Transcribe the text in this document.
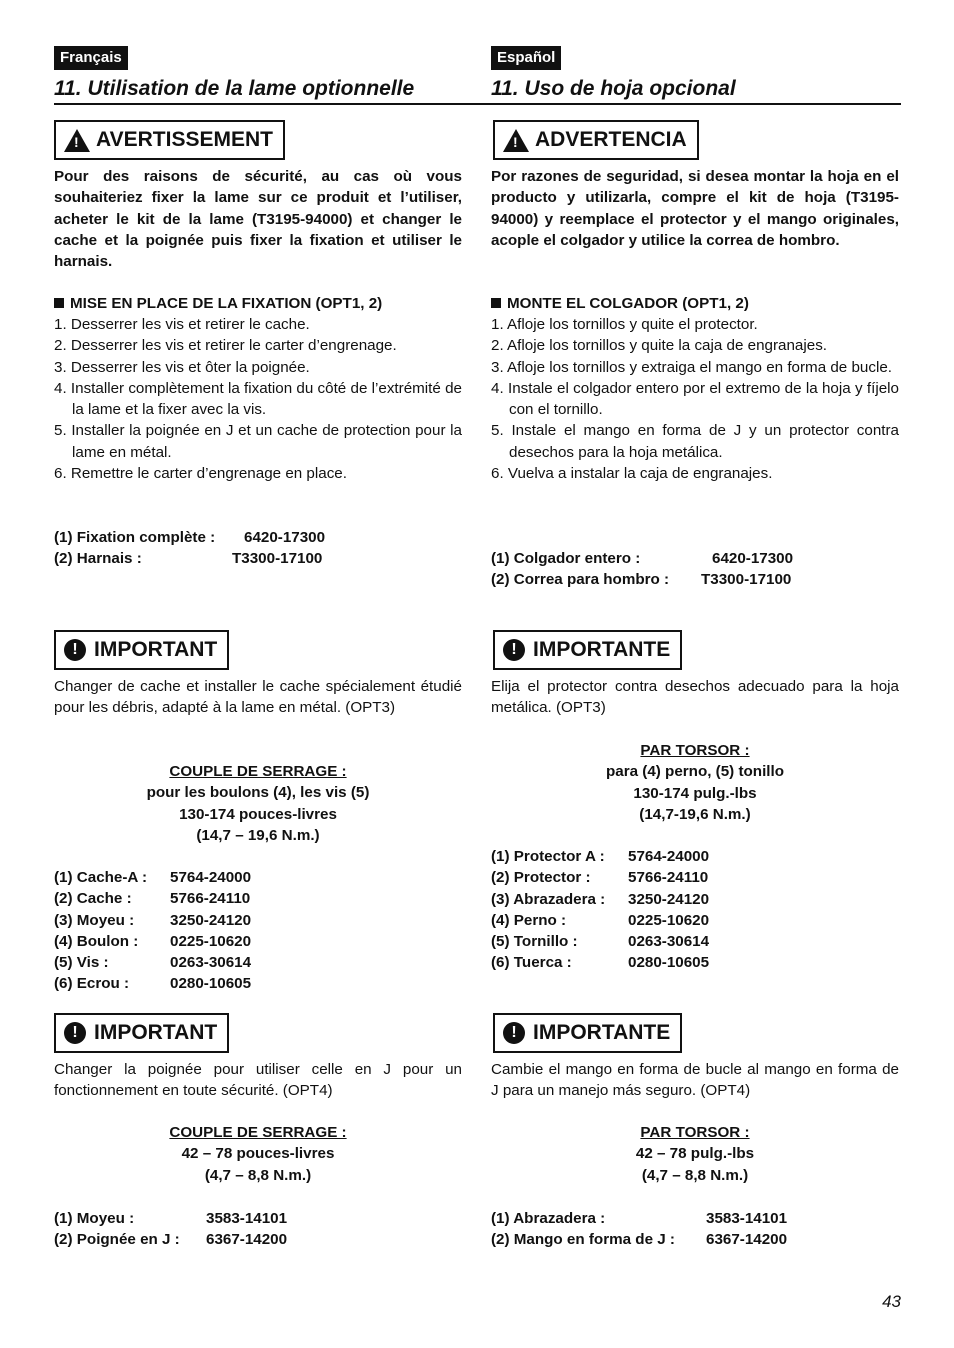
Français
11. Utilisation de la lame optionnelle
! AVERTISSEMENT
Pour des raisons de sécurité, au cas où vous souhaiteriez fixer la lame sur ce produit et l’utiliser, acheter le kit de la lame (T3195-94000) et changer le cache et la poignée puis fixer la fixation et utiliser le harnais.
MISE EN PLACE DE LA FIXATION (OPT1, 2)
1. Desserrer les vis et retirer le cache.
2. Desserrer les vis et retirer le carter d’engrenage.
3. Desserrer les vis et ôter la poignée.
4. Installer complètement la fixation du côté de l’extrémité de la lame et la fixer avec la vis.
5. Installer la poignée en J et un cache de protection pour la lame en métal.
6. Remettre le carter d’engrenage en place.
(1) Fixation complète :	6420-17300
(2) Harnais :	T3300-17100
! IMPORTANT
Changer de cache et installer le cache spécialement étudié pour les débris, adapté à la lame en métal. (OPT3)
COUPLE DE SERRAGE :
pour les boulons (4), les vis (5)
130-174 pouces-livres
(14,7 – 19,6 N.m.)
(1) Cache-A :	5764-24000
(2) Cache :	5766-24110
(3) Moyeu :	3250-24120
(4) Boulon :	0225-10620
(5) Vis :	0263-30614
(6) Ecrou :	0280-10605
! IMPORTANT
Changer la poignée pour utiliser celle en J pour un fonctionnement en toute sécurité. (OPT4)
COUPLE DE SERRAGE :
42 – 78 pouces-livres
(4,7 – 8,8 N.m.)
(1) Moyeu :	3583-14101
(2) Poignée en J :	6367-14200
Español
11. Uso de hoja opcional
! ADVERTENCIA
Por razones de seguridad, si desea montar la hoja en el producto y utilizarla, compre el kit de hoja (T3195-94000) y reemplace el protector y el mango originales, acople el colgador y utilice la correa de hombro.
MONTE EL COLGADOR (OPT1, 2)
1. Afloje los tornillos y quite el protector.
2. Afloje los tornillos y quite la caja de engranajes.
3. Afloje los tornillos y extraiga el mango en forma de bucle.
4. Instale el colgador entero por el extremo de la hoja y fíjelo con el tornillo.
5. Instale el mango en forma de J y un protector contra desechos para la hoja metálica.
6. Vuelva a instalar la caja de engranajes.
(1) Colgador entero :	6420-17300
(2) Correa para hombro :	T3300-17100
! IMPORTANTE
Elija el protector contra desechos adecuado para la hoja metálica. (OPT3)
PAR TORSOR :
para (4) perno, (5) tonillo
130-174 pulg.-lbs
(14,7-19,6 N.m.)
(1) Protector A :	5764-24000
(2) Protector :	5766-24110
(3) Abrazadera :	3250-24120
(4) Perno :	0225-10620
(5) Tornillo :	0263-30614
(6) Tuerca :	0280-10605
! IMPORTANTE
Cambie el mango en forma de bucle al mango en forma de J para un manejo más seguro. (OPT4)
PAR TORSOR :
42 – 78 pulg.-lbs
(4,7 – 8,8 N.m.)
(1) Abrazadera :	3583-14101
(2) Mango en forma de J :	6367-14200
43
